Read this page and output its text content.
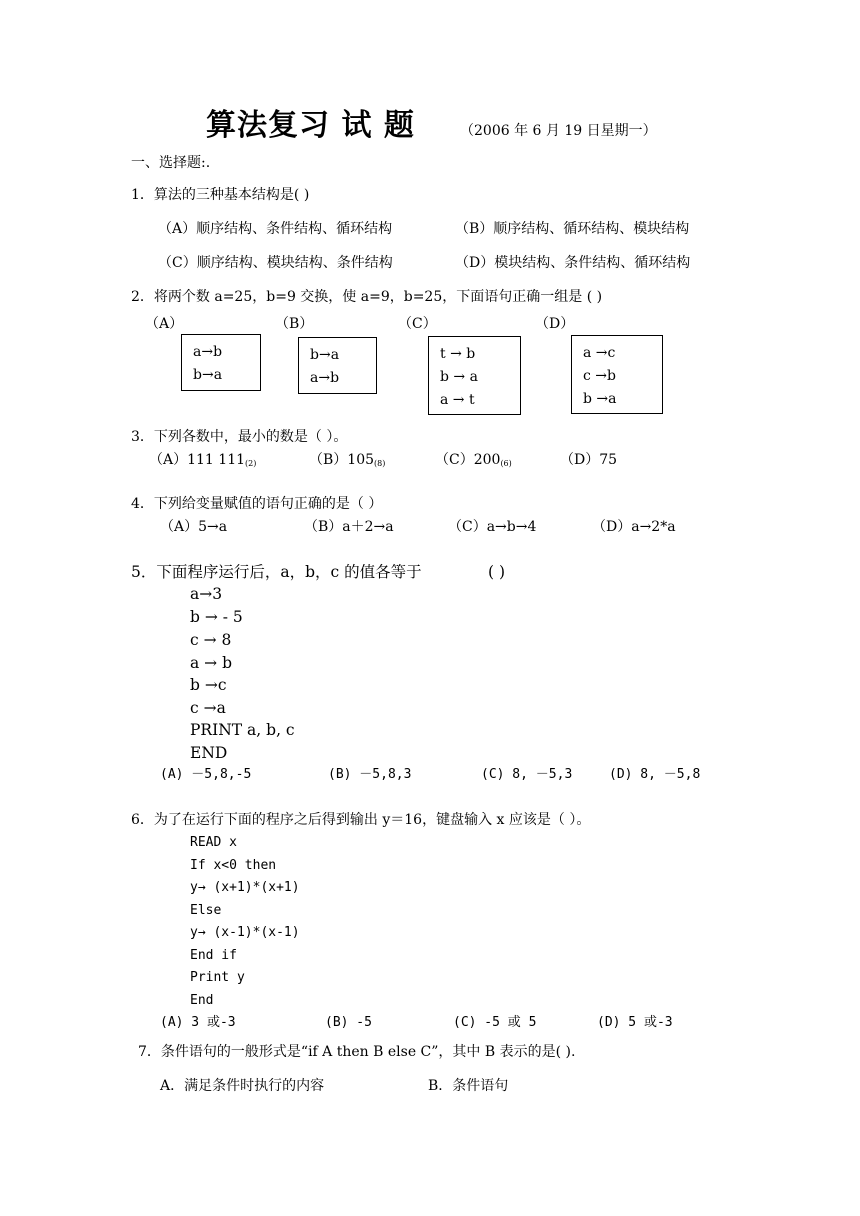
算法复习 试 题	（2006 年 6 月 19 日星期一）
一、选择题:.
1．算法的三种基本结构是( )
（A）顺序结构、条件结构、循环结构	（B）顺序结构、循环结构、模块结构
（C）顺序结构、模块结构、条件结构	（D）模块结构、条件结构、循环结构
2．将两个数 a=25，b=9 交换，使 a=9，b=25，下面语句正确一组是 ( )
（A）	（B）	（C）	（D）
a→b
b→a
b→a
a→b
t → b
b → a
a → t
a →c
c →b
b →a
3．下列各数中，最小的数是（ ）。
（A）111 $111_{(2)}$	$(B)105_{(8)}$	$(C)200_{(6)}$	（D）75
4．下列给变量赋值的语句正确的是（ ）
（A）5→a	（B）a＋2→a	（C）a→b→4	（D）a→2*a
5．下面程序运行后，a，b，c 的值各等于	( )
a→3
b → - 5
c → 8
a → b
b →c
c →a
PRINT a, b, c
END
(A) －5,8,-5	(B) －5,8,3	(C) 8, －5,3	(D) 8, －5,8
6．为了在运行下面的程序之后得到输出 y＝16，键盘输入 x 应该是（ ）。
READ x
If x<0 then
y→ (x+1)*(x+1)
Else
y→ (x-1)*(x-1)
End if
Print y
End
(A) 3 或-3	(B) -5	(C) -5 或 5	(D) 5 或-3
7．条件语句的一般形式是“if A then B else C”，其中 B 表示的是( ).
A．满足条件时执行的内容	B．条件语句
